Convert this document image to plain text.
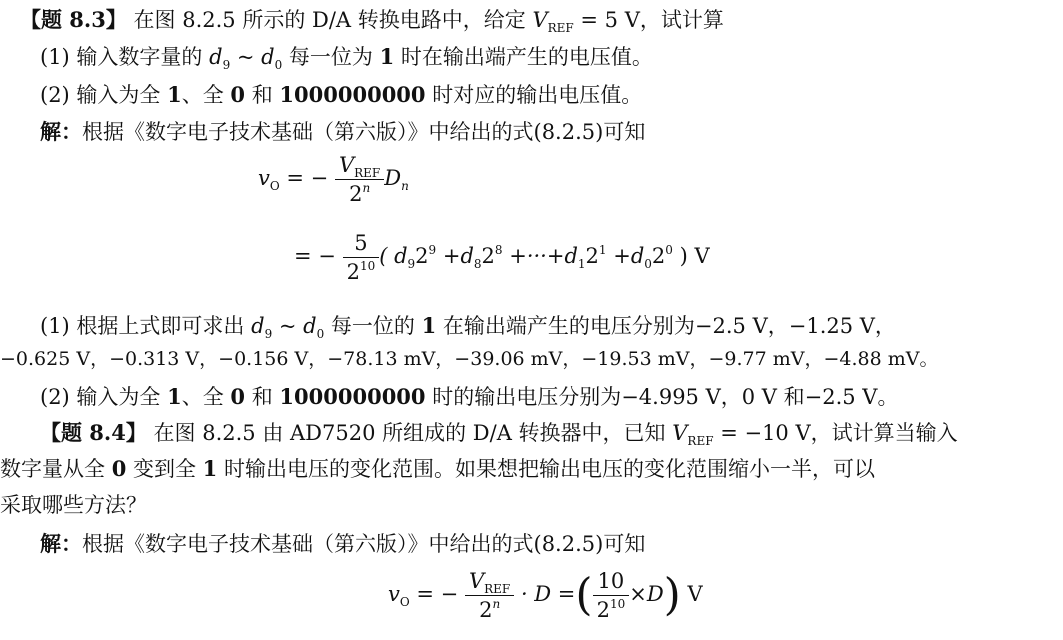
【题 8.3】 在图 8.2.5 所示的 D/A 转换电路中，给定 $V_{REF} = 5$ V，试计算
(1) 输入数字量的 $d_9$ ~ $d_0$ 每一位为 1 时在输出端产生的电压值。
(2) 输入为全 1、全 0 和 1000000000 时对应的输出电压值。
解：根据《数字电子技术基础（第六版）》中给出的式(8.2.5)可知
$v_O$ = − $\frac{V_{REF}}{2^n} D_n$
= − $\frac{5}{2^{10}}$ ( $d_92^9 +d_82^8 +\cdot\cdot\cdot+d_12^1 +d_02^0$ ) V
(1) 根据上式即可求出 $d_9$ ~ $d_0$ 每一位的 1 在输出端产生的电压分别为−2.5 V，−1.25 V，
−0.625 V，−0.313 V，−0.156 V，−78.13 mV，−39.06 mV，−19.53 mV，−9.77 mV，−4.88 mV。
(2) 输入为全 1、全 0 和 1000000000 时的输出电压分别为−4.995 V，0 V 和−2.5 V。
【题 8.4】 在图 8.2.5 由 AD7520 所组成的 D/A 转换器中，已知 $V_{REF} = -10$ V，试计算当输入
数字量从全 0 变到全 1 时输出电压的变化范围。如果想把输出电压的变化范围缩小一半，可以
采取哪些方法？
解：根据《数字电子技术基础（第六版）》中给出的式(8.2.5)可知
$v_O$ = − $\frac{V_{REF}}{2^n} \cdot D$ =( $\frac{10}{2^{10}} \times D$) V
